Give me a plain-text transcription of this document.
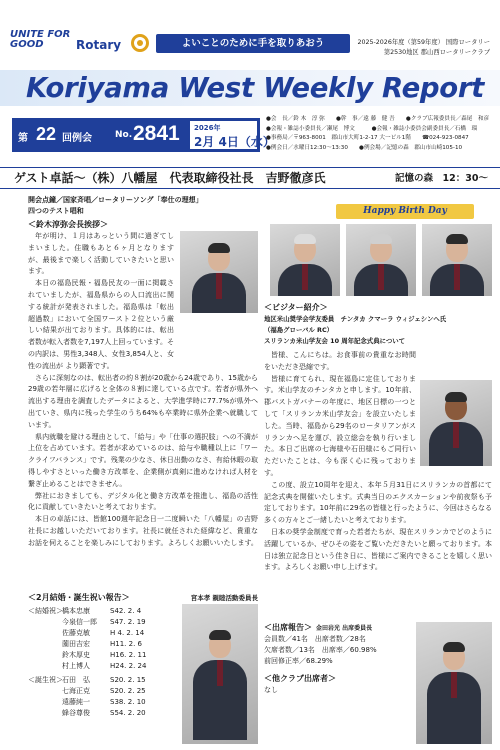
UNITE FOR GOOD	Rotary	よいことのために手を取りあおう	2025-2026年度（第59年度） 国際ロータリー
第2530地区 郡山西ロータリークラブ
Koriyama West Weekly Report
第 22 回例会	No. 2841 2026年
2月 4日（水）
●会　長／鈴 木　淳 弥　　●幹　事／遠 藤　健 吾　　●クラブ広報委員長／森尾　和彦
●会報・雑誌小委員長／瀬尾　博文　　　●会報・雑誌小委員会副委員長／石橋　瑠
●事務局／〒963-8001　郡山市大町1-2-17 大一ビル1階　　☎024-923-0847
●例会日／水曜日12:30～13:30　　●例会場／記憶の森　郡山市山崎105-10
ゲスト卓話～（株）八幡屋　代表取締役社長　吉野徹彦氏	記憶の森　12：30～
開会点鐘／国家斉唱／ロータリーソング「奉仕の理想」
四つのテスト唱和
＜鈴木淳弥会長挨拶＞

年が明け、１月はあっという間に過ぎてしまいました。住職もあと６ヶ月となりますが、最後まで楽しく活動していきたいと思います。

本日の福島民報・福島民友の一面に掲載されていましたが、福島県からの人口流出に関する統計が発表されました。福島県は「転出超過数」において全国ワースト２位という厳しい結果が出ております。具体的には、転出者数が転入者数を7,197人上回っています。その内訳は、男性3,348人、女性3,854人と、女性の流出が より顕著です。

さらに深刻なのは、転出者の約８割が20歳から24歳であり、15歳から29歳の若年層に広げると全体の８割に達している点です。若者が県外へ流出する理由を調査したデータによると、大学進学時に77.7%が県外へ出ていき、県内に残った学生のうち64%も卒業時に県外企業へ就職しています。

県内就職を避ける理由として、「給与」や「仕事の選択肢」への不満が上位を占めています。若者が求めているのは、給与や職種以上に「ワークライフバランス」です。残業の少なさ、休日出勤のなさ、有給休暇の取得しやすさといった働き方改革を、企業側が真剣に進めなければ人材を繋ぎ止めることはできません。

弊社におきましても、デジタル化と働き方改革を推進し、福島の活性化に貢献していきたいと考えております。

本日の卓話には、皆館100週年記念日一二度瞬いた「八幡屋」の吉野社長にお越しいただいております。社長に就任された経緯など、貴重なお話を伺えることを楽しみにしております。よろしくお願いいたします。

＜2月結婚・誕生祝い報告＞	宮本孝 親睦活動委員長
＜結婚祝＞ 橋本忠康	S42. 2. 4
今泉信一郎	S47. 2. 19
佐藤克敏	H 4. 2. 14
薗田吉宏	H11. 2. 6
鈴木厚史	H16. 2. 11
村上博人	H24. 2. 24
＜誕生祝＞ 石田　弘	S20. 2. 15
七海正克	S20. 2. 25
遠藤純一	S38. 2. 10
蜂谷尊俊	S54. 2. 20
Happy Birth Day
＜ビジター紹介＞
地区米山奨学会学友委員　チンタカ クマーラ ウィジェシンへ氏
（福島グローバル RC）
スリランカ米山学友会 10 周年記念式典について

皆様、こんにちは。お食事前の貴重なお時間をいただき恐縮です。

皆様に育てられ、現在福島に定住しております。米山学友のチンタカと申します。10年前、郡バストガバナーの年度に、地区日標の一つとして「スリランカ米山学友会」を設立いたしました。当時、福島から29名のロータリアンがスリランカへ足を運び、設立総会を執り行いました。本日ご出席の七海様や石田様にもご同行いただいたことは、今も深く心に残っております。

この度、設立10周年を迎え、本年５月31日にスリランカの首都にて記念式典を開催いたします。式典当日のエクスカーションや前夜祭も予定しております。10年前に29名の皆様と行ったように、今回はさらなる多くの方々とご一緒したいと考えております。

日本の奨学金制度で育った若者たちが、現在スリランカでどのように活躍しているか、ぜひその姿をご覧いただきたいと願っております。本日は独立記念日という佳き日に、皆様にご案内できることを嬉しく思います。よろしくお願い申し上げます。

＜出席報告＞ 金田岩光 出席委員長
会員数／41名　出席者数／28名
欠席者数／13名　出席率／60.98%
前回修正率／68.29%
＜他クラブ出席者＞
なし
